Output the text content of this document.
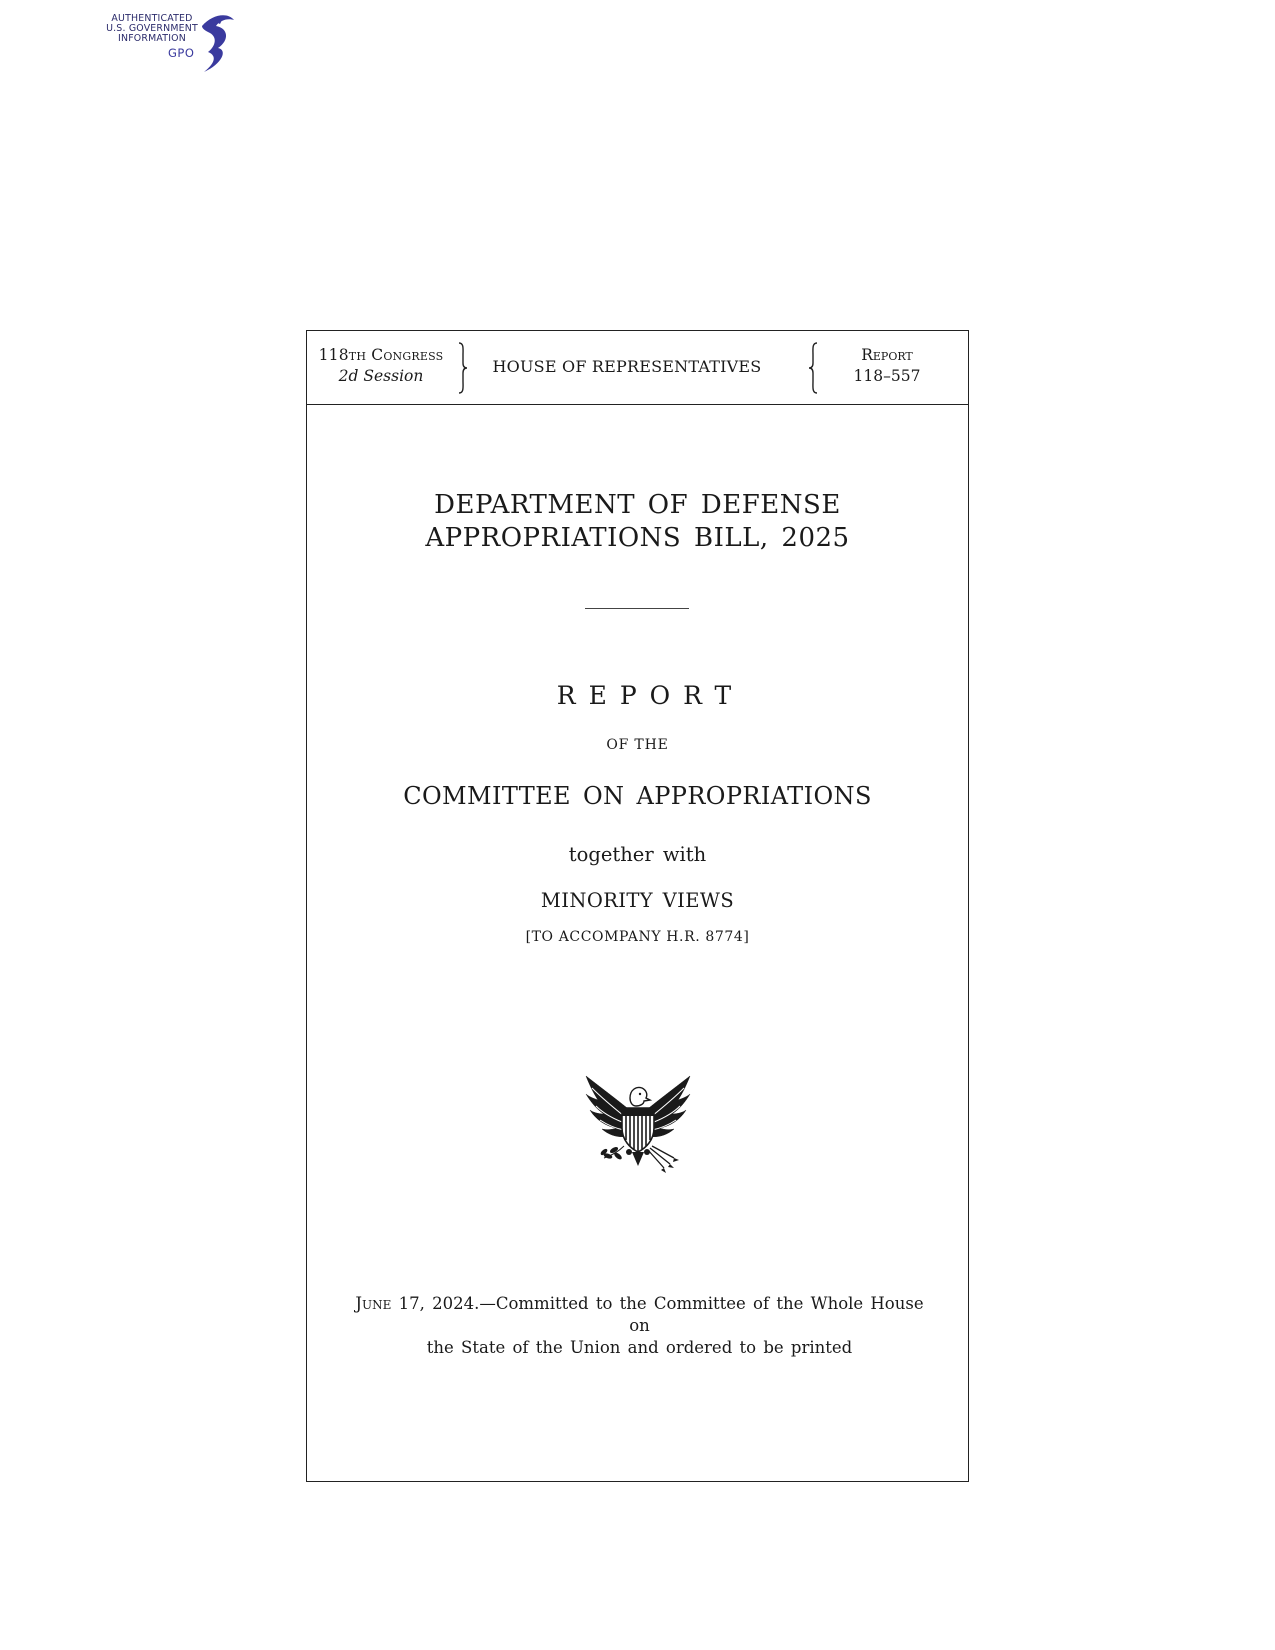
AUTHENTICATED
U.S. GOVERNMENT
INFORMATION
GPO
118th Congress
2d Session	HOUSE OF REPRESENTATIVES
Report
118–557
DEPARTMENT OF DEFENSE
APPROPRIATIONS BILL, 2025
REPORT
OF THE
COMMITTEE ON APPROPRIATIONS
together with
MINORITY VIEWS
[TO ACCOMPANY H.R. 8774]
June 17, 2024.—Committed to the Committee of the Whole House on
the State of the Union and ordered to be printed
